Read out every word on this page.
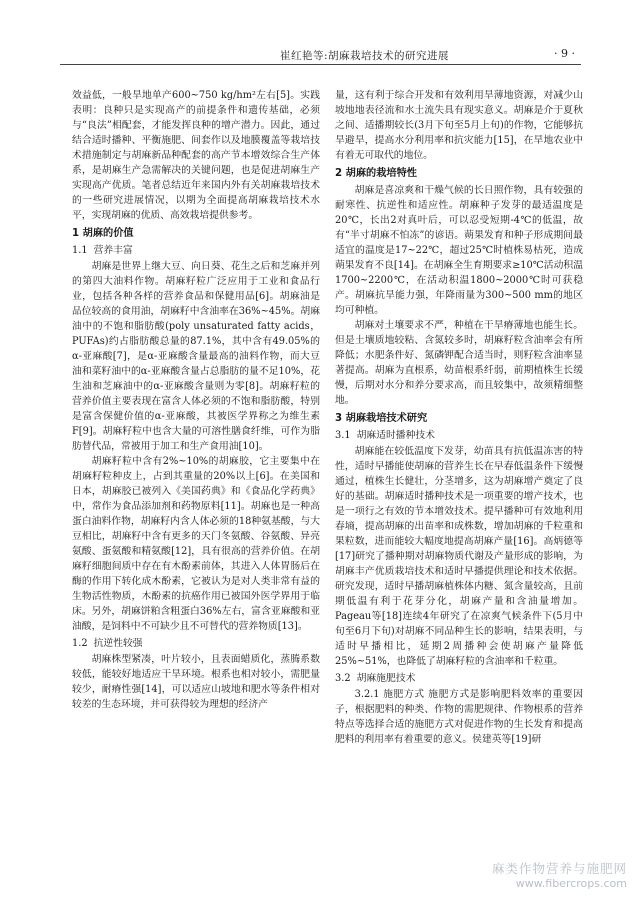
崔红艳等:胡麻栽培技术的研究进展	· 9 ·

效益低，一般旱地单产600~750 kg/hm²左右[5]。实践表明：良种只是实现高产的前提条件和遗传基础，必须与“良法”相配套，才能发挥良种的增产潜力。因此，通过结合适时播种、平衡施肥、间套作以及地膜覆盖等栽培技术措施制定与胡麻新品种配套的高产节本增效综合生产体系，是胡麻生产急需解决的关键问题，也是促进胡麻生产实现高产优质。笔者总结近年来国内外有关胡麻栽培技术的一些研究进展情况，以期为全面提高胡麻栽培技术水平，实现胡麻的优质、高效栽培提供参考。

1 胡麻的价值
1.1 营养丰富

胡麻是世界上继大豆、向日葵、花生之后和芝麻并列的第四大油料作物。胡麻籽粒广泛应用于工业和食品行业，包括各种各样的营养食品和保健用品[6]。胡麻油是品位较高的食用油，胡麻籽中含油率在36%~45%。胡麻油中的不饱和脂肪酸(poly unsaturated fatty acids，PUFAs)约占脂肪酸总量的87.1%，其中含有49.05%的α-亚麻酸[7]，是α-亚麻酸含量最高的油料作物，而大豆油和菜籽油中的α-亚麻酸含量占总脂肪的量不足10%，花生油和芝麻油中的α-亚麻酸含量则为零[8]。胡麻籽粒的营养价值主要表现在富含人体必须的不饱和脂肪酸，特别是富含保健价值的α-亚麻酸，其被医学界称之为维生素F[9]。胡麻籽粒中也含大量的可溶性膳食纤维，可作为脂肪替代品，常被用于加工和生产食用油[10]。

胡麻籽粒中含有2%~10%的胡麻胶，它主要集中在胡麻籽粒种皮上，占到其重量的20%以上[6]。在美国和日本，胡麻胶已被列入《美国药典》和《食品化学药典》中，常作为食品添加剂和药物原料[11]。胡麻也是一种高蛋白油料作物，胡麻籽内含人体必须的18种氨基酸，与大豆相比，胡麻籽中含有更多的天门冬氨酸、谷氨酸、异亮氨酸、蛋氨酸和精氨酸[12]，具有很高的营养价值。在胡麻籽细胞间质中存在有木酚素前体，其进入人体胃肠后在酶的作用下转化成木酚素，它被认为是对人类非常有益的生物活性物质，木酚素的抗癌作用已被国外医学界用于临床。另外，胡麻饼粕含粗蛋白36%左右，富含亚麻酸和亚油酸，是饲料中不可缺少且不可替代的营养物质[13]。

1.2 抗逆性较强

胡麻株型紧凑，叶片较小，且表面蜡质化，蒸腾系数较低，能较好地适应干旱环境。根系也相对较小，需肥量较少，耐瘠性强[14]，可以适应山坡地和肥水等条件相对较差的生态环境，并可获得较为理想的经济产

量，这有利于综合开发和有效利用旱薄地资源，对减少山坡地地表径流和水土流失具有现实意义。胡麻是介于夏秋之间、适播期较长(3月下旬至5月上旬)的作物，它能够抗旱避旱，提高水分利用率和抗灾能力[15]，在旱地农业中有着无可取代的地位。

2 胡麻的栽培特性

胡麻是喜凉爽和干燥气候的长日照作物，具有较强的耐寒性、抗逆性和适应性。胡麻种子发芽的最适温度是20℃，长出2对真叶后，可以忍受短期-4℃的低温，故有“半寸胡麻不怕冻”的谚语。蒴果发育和种子形成期间最适宜的温度是17~22℃，超过25℃时植株易枯死，造成蒴果发育不良[14]。在胡麻全生育期要求≥10℃活动积温1700~2200℃，在活动积温1800~2000℃时可获稳产。胡麻抗旱能力强，年降雨量为300~500 mm的地区均可种植。

胡麻对土壤要求不严，种植在干旱瘠薄地也能生长。但是土壤质地较粘、含氮较多时，胡麻籽粒含油率会有所降低；水肥条件好、氮磷钾配合适当时，则籽粒含油率显著提高。胡麻为直根系，幼苗根系纤弱，前期植株生长缓慢，后期对水分和养分要求高，而且较集中，故须精细整地。

3 胡麻栽培技术研究
3.1 胡麻适时播种技术

胡麻能在较低温度下发芽，幼苗具有抗低温冻害的特性，适时早播能使胡麻的营养生长在早春低温条件下缓慢通过，植株生长健壮，分茎增多，这为胡麻增产奠定了良好的基础。胡麻适时播种技术是一项重要的增产技术，也是一项行之有效的节本增效技术。提早播种可有效地利用春墒，提高胡麻的出苗率和成株数，增加胡麻的千粒重和果粒数，进而能较大幅度地提高胡麻产量[16]。高炳德等[17]研究了播种期对胡麻物质代谢及产量形成的影响，为胡麻丰产优质栽培技术和适时早播提供理论和技术依据。研究发现，适时早播胡麻植株体内糖、氮含量较高，且前期低温有利于花芽分化，胡麻产量和含油量增加。Pageau等[18]连续4年研究了在凉爽气候条件下(5月中旬至6月下旬)对胡麻不同品种生长的影响，结果表明，与适时早播相比，延期2周播种会使胡麻产量降低25%~51%，也降低了胡麻籽粒的含油率和千粒重。

3.2 胡麻施肥技术

3.2.1 施肥方式 施肥方式是影响肥料效率的重要因子，根据肥料的种类、作物的需肥规律、作物根系的营养特点等选择合适的施肥方式对促进作物的生长发育和提高肥料的利用率有着重要的意义。侯建英等[19]研

麻类作物营养与施肥网
www.fibercrops.com
